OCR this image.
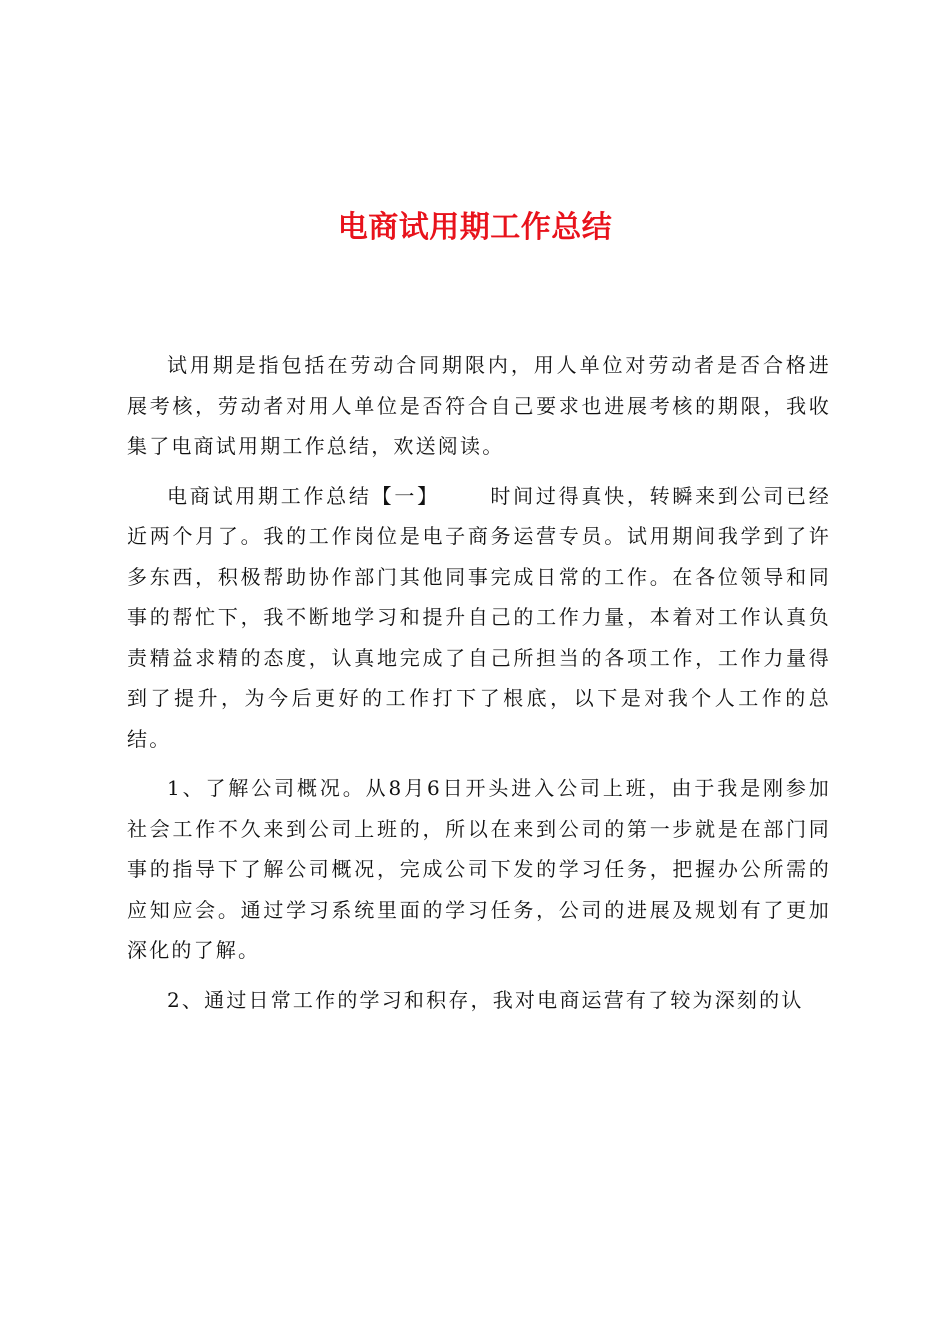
电商试用期工作总结

试用期是指包括在劳动合同期限内，用人单位对劳动者是否合格进展考核，劳动者对用人单位是否符合自己要求也进展考核的期限，我收集了电商试用期工作总结，欢送阅读。

电商试用期工作总结【一】	时间过得真快，转瞬来到公司已经近两个月了。我的工作岗位是电子商务运营专员。试用期间我学到了许多东西，积极帮助协作部门其他同事完成日常的工作。在各位领导和同事的帮忙下，我不断地学习和提升自己的工作力量，本着对工作认真负责精益求精的态度，认真地完成了自己所担当的各项工作，工作力量得到了提升，为今后更好的工作打下了根底，以下是对我个人工作的总结。

1、了解公司概况。从8月6日开头进入公司上班，由于我是刚参加社会工作不久来到公司上班的，所以在来到公司的第一步就是在部门同事的指导下了解公司概况，完成公司下发的学习任务，把握办公所需的应知应会。通过学习系统里面的学习任务，公司的进展及规划有了更加深化的了解。

2、通过日常工作的学习和积存，我对电商运营有了较为深刻的认
